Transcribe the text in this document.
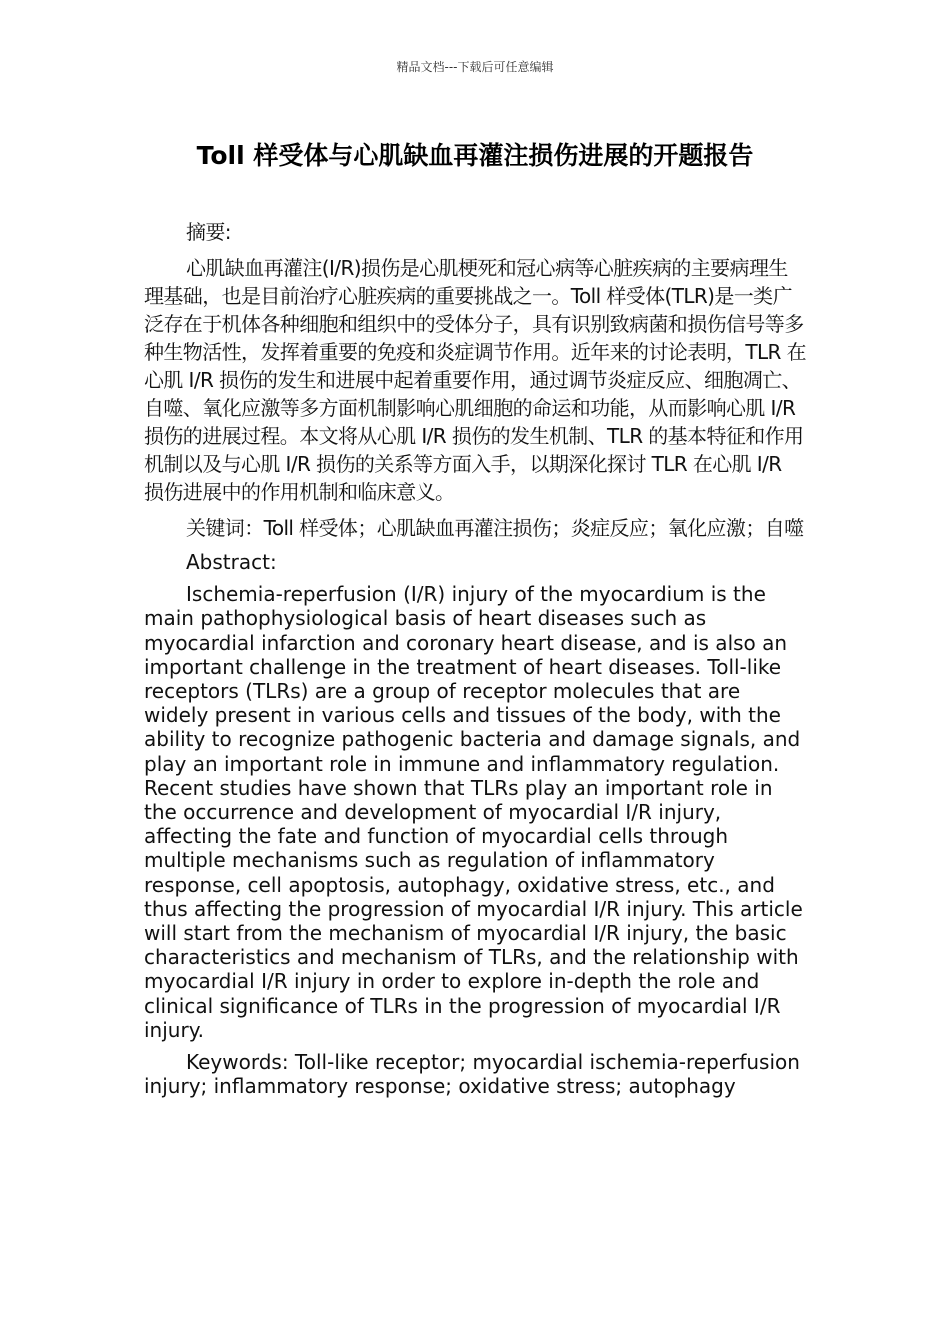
精品文档---下载后可任意编辑
Toll 样受体与心肌缺血再灌注损伤进展的开题报告

摘要:

心肌缺血再灌注(I/R)损伤是心肌梗死和冠心病等心脏疾病的主要病理生理基础，也是目前治疗心脏疾病的重要挑战之一。Toll 样受体(TLR)是一类广泛存在于机体各种细胞和组织中的受体分子，具有识别致病菌和损伤信号等多种生物活性，发挥着重要的免疫和炎症调节作用。近年来的讨论表明，TLR 在心肌 I/R 损伤的发生和进展中起着重要作用，通过调节炎症反应、细胞凋亡、自噬、氧化应激等多方面机制影响心肌细胞的命运和功能，从而影响心肌 I/R 损伤的进展过程。本文将从心肌 I/R 损伤的发生机制、TLR 的基本特征和作用机制以及与心肌 I/R 损伤的关系等方面入手，以期深化探讨 TLR 在心肌 I/R 损伤进展中的作用机制和临床意义。

关键词：Toll 样受体；心肌缺血再灌注损伤；炎症反应；氧化应激；自噬

Abstract:

Ischemia-reperfusion (I/R) injury of the myocardium is the main pathophysiological basis of heart diseases such as myocardial infarction and coronary heart disease, and is also an important challenge in the treatment of heart diseases. Toll-like receptors (TLRs) are a group of receptor molecules that are widely present in various cells and tissues of the body, with the ability to recognize pathogenic bacteria and damage signals, and play an important role in immune and inflammatory regulation. Recent studies have shown that TLRs play an important role in the occurrence and development of myocardial I/R injury, affecting the fate and function of myocardial cells through multiple mechanisms such as regulation of inflammatory response, cell apoptosis, autophagy, oxidative stress, etc., and thus affecting the progression of myocardial I/R injury. This article will start from the mechanism of myocardial I/R injury, the basic characteristics and mechanism of TLRs, and the relationship with myocardial I/R injury in order to explore in-depth the role and clinical significance of TLRs in the progression of myocardial I/R injury.

Keywords: Toll-like receptor; myocardial ischemia-reperfusion injury; inflammatory response; oxidative stress; autophagy
